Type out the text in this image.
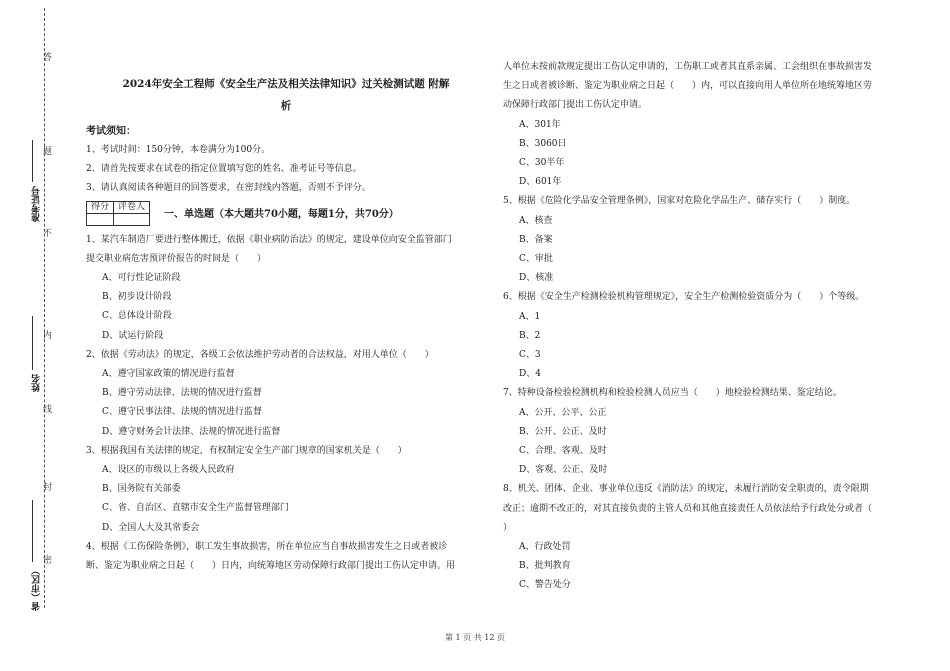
答
题
不
内
线
封
密
准考证号
姓名
省（市区）
2024年安全工程师《安全生产法及相关法律知识》过关检测试题 附解
析
考试须知：
1、考试时间：150分钟，本卷满分为100分。
2、请首先按要求在试卷的指定位置填写您的姓名、准考证号等信息。
3、请认真阅读各种题目的回答要求，在密封线内答题，否则不予评分。
得分	评卷人

一、单选题（本大题共70小题，每题1分，共70分）
1、某汽车制造厂要进行整体搬迁，依据《职业病防治法》的规定，建设单位向安全监管部门
提交职业病危害预评价报告的时间是（　　）
A、可行性论证阶段
B、初步设计阶段
C、总体设计阶段
D、试运行阶段
2、依据《劳动法》的规定，各级工会依法维护劳动者的合法权益，对用人单位（　　）
A、遵守国家政策的情况进行监督
B、遵守劳动法律、法规的情况进行监督
C、遵守民事法律、法规的情况进行监督
D、遵守财务会计法律、法规的情况进行监督
3、根据我国有关法律的规定，有权制定安全生产部门规章的国家机关是（　　）
A、设区的市级以上各级人民政府
B、国务院有关部委
C、省、自治区、直辖市安全生产监督管理部门
D、全国人大及其常委会
4、根据《工伤保险条例》，职工发生事故损害，所在单位应当自事故损害发生之日或者被诊
断、鉴定为职业病之日起（　　）日内，向统筹地区劳动保障行政部门提出工伤认定申请。用
人单位未按前款规定提出工伤认定申请的，工伤职工或者其直系亲属、工会组织在事故损害发
生之日或者被诊断、鉴定为职业病之日起（　　）内，可以直接向用人单位所在地统筹地区劳
动保障行政部门提出工伤认定申请。
A、301年
B、3060日
C、30半年
D、601年
5、根据《危险化学品安全管理条例》，国家对危险化学品生产、储存实行（　　）制度。
A、核查
B、备案
C、审批
D、核准
6、根据《安全生产检测检验机构管理规定》，安全生产检测检验资质分为（　　）个等级。
A、1
B、2
C、3
D、4
7、特种设备检验检测机构和检验检测人员应当（　　）地检验检测结果、鉴定结论。
A、公开、公平、公正
B、公开、公正、及时
C、合理、客观、及时
D、客观、公正、及时
8、机关、团体、企业、事业单位违反《消防法》的规定，未履行消防安全职责的，责令限期
改正；逾期不改正的，对其直接负责的主管人员和其他直接责任人员依法给予行政处分或者（
）
A、行政处罚
B、批判教育
C、警告处分
第 1 页 共 12 页
